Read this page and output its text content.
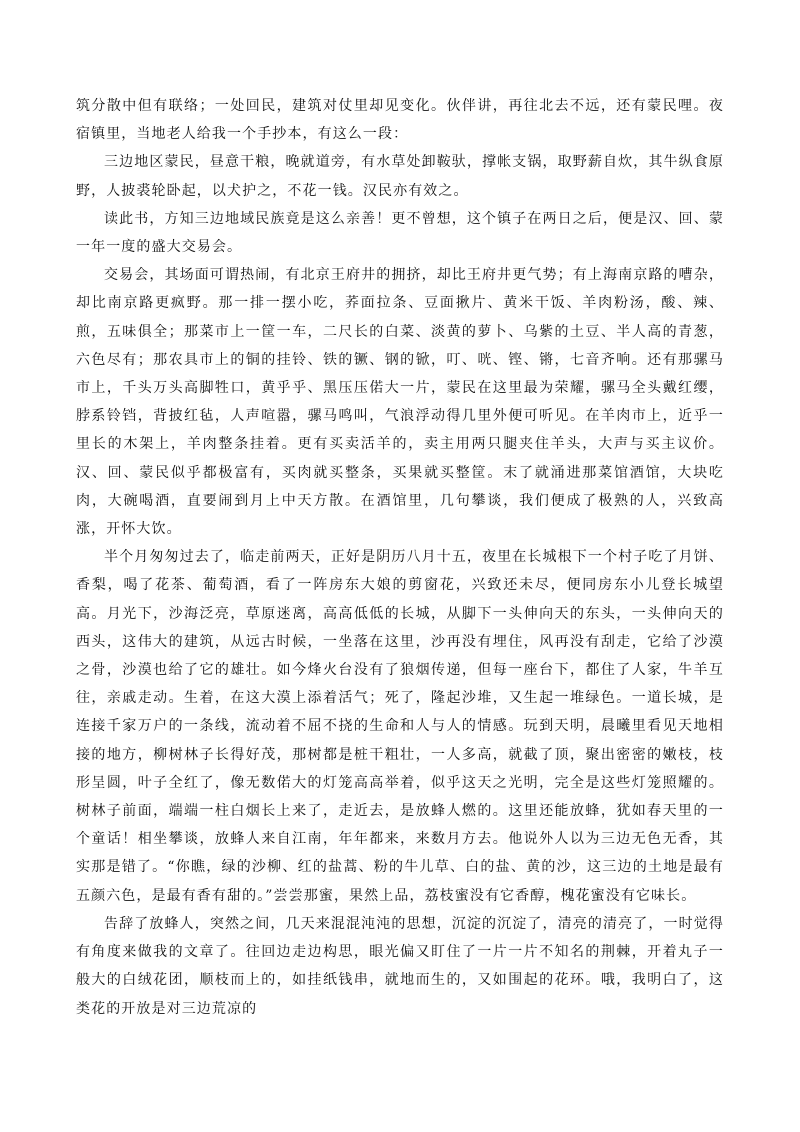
筑分散中但有联络；一处回民，建筑对仗里却见变化。伙伴讲，再往北去不远，还有蒙民哩。夜宿镇里，当地老人给我一个手抄本，有这么一段：

三边地区蒙民，昼意干粮，晚就道旁，有水草处卸鞍驮，撑帐支锅，取野薪自炊，其牛纵食原野，人披裘轮卧起，以犬护之，不花一钱。汉民亦有效之。

读此书，方知三边地域民族竟是这么亲善！更不曾想，这个镇子在两日之后，便是汉、回、蒙一年一度的盛大交易会。

交易会，其场面可谓热闹，有北京王府井的拥挤，却比王府井更气势；有上海南京路的嘈杂，却比南京路更疯野。那一排一摆小吃，荞面拉条、豆面揪片、黄米干饭、羊肉粉汤，酸、辣、煎，五味俱全；那菜市上一筐一车，二尺长的白菜、淡黄的萝卜、乌紫的土豆、半人高的青葱，六色尽有；那农具市上的铜的挂铃、铁的镢、钢的锨，叮、咣、铿、锵，七音齐响。还有那骡马市上，千头万头高脚牲口，黄乎乎、黑压压偌大一片，蒙民在这里最为荣耀，骡马全头戴红缨，脖系铃铛，背披红毡，人声喧嚣，骡马鸣叫，气浪浮动得几里外便可听见。在羊肉市上，近乎一里长的木架上，羊肉整条挂着。更有买卖活羊的，卖主用两只腿夹住羊头，大声与买主议价。汉、回、蒙民似乎都极富有，买肉就买整条，买果就买整筐。末了就涌进那菜馆酒馆，大块吃肉，大碗喝酒，直要闹到月上中天方散。在酒馆里，几句攀谈，我们便成了极熟的人，兴致高涨，开怀大饮。

半个月匆匆过去了，临走前两天，正好是阴历八月十五，夜里在长城根下一个村子吃了月饼、香梨，喝了花茶、葡萄酒，看了一阵房东大娘的剪窗花，兴致还未尽，便同房东小儿登长城望高。月光下，沙海泛亮，草原迷离，高高低低的长城，从脚下一头伸向天的东头，一头伸向天的西头，这伟大的建筑，从远古时候，一坐落在这里，沙再没有埋住，风再没有刮走，它给了沙漠之骨，沙漠也给了它的雄壮。如今烽火台没有了狼烟传递，但每一座台下，都住了人家，牛羊互往，亲戚走动。生着，在这大漠上添着活气；死了，隆起沙堆，又生起一堆绿色。一道长城，是连接千家万户的一条线，流动着不屈不挠的生命和人与人的情感。玩到天明，晨曦里看见天地相接的地方，柳树林子长得好茂，那树都是桩干粗壮，一人多高，就截了顶，聚出密密的嫩枝，枝形呈圆，叶子全红了，像无数偌大的灯笼高高举着，似乎这天之光明，完全是这些灯笼照耀的。树林子前面，端端一柱白烟长上来了，走近去，是放蜂人燃的。这里还能放蜂，犹如春天里的一个童话！相坐攀谈，放蜂人来自江南，年年都来，来数月方去。他说外人以为三边无色无香，其实那是错了。“你瞧，绿的沙柳、红的盐蒿、粉的牛儿草、白的盐、黄的沙，这三边的土地是最有五颜六色，是最有香有甜的。”尝尝那蜜，果然上品，荔枝蜜没有它香醇，槐花蜜没有它味长。

告辞了放蜂人，突然之间，几天来混混沌沌的思想，沉淀的沉淀了，清亮的清亮了，一时觉得有角度来做我的文章了。往回边走边构思，眼光偏又盯住了一片一片不知名的荆棘，开着丸子一般大的白绒花团，顺枝而上的，如挂纸钱串，就地而生的，又如围起的花环。哦，我明白了，这类花的开放是对三边荒凉的
